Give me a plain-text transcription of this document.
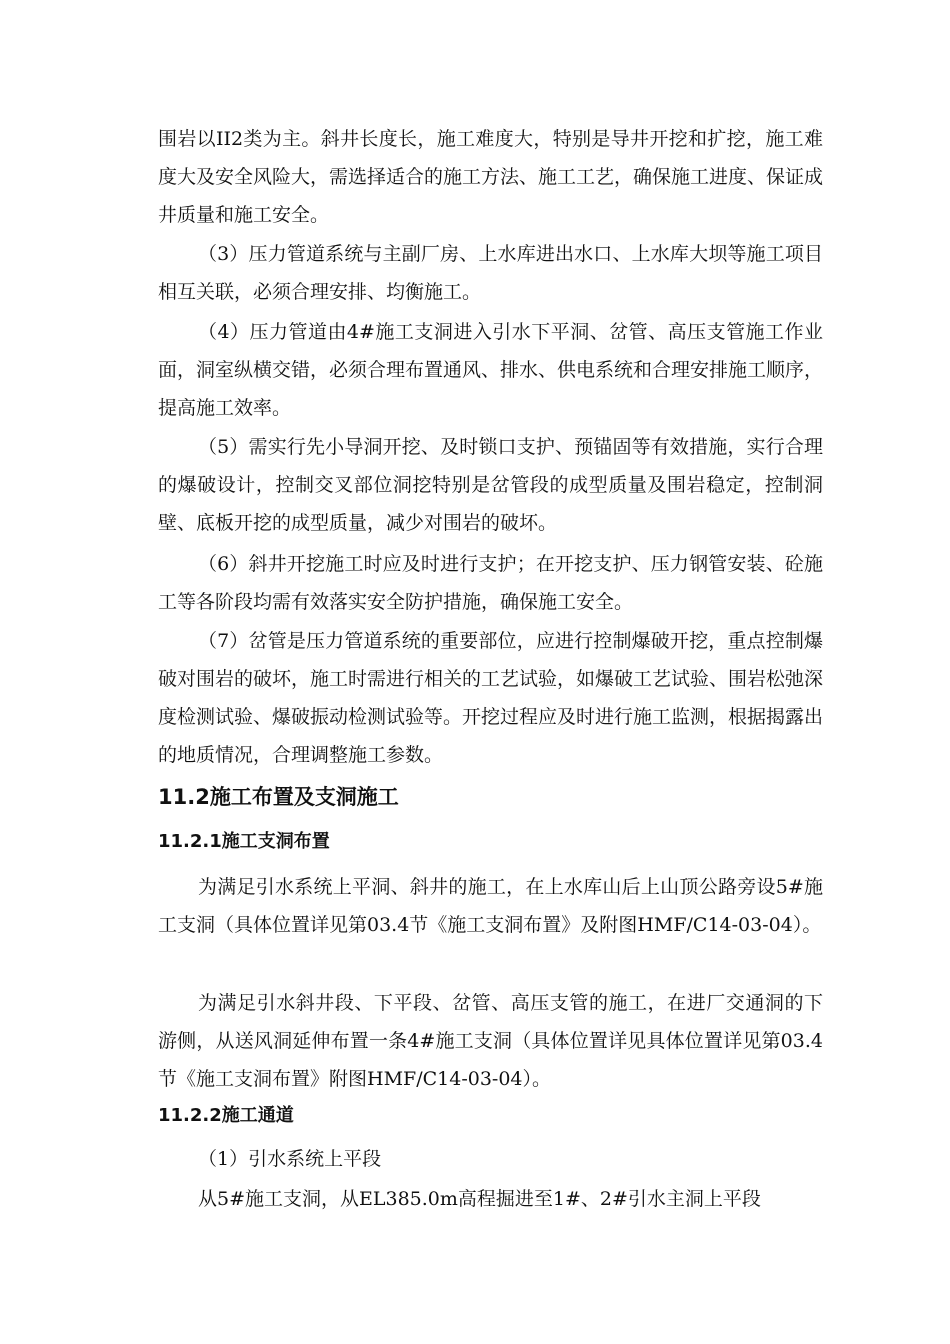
围岩以II2类为主。斜井长度长，施工难度大，特别是导井开挖和扩挖，施工难度大及安全风险大，需选择适合的施工方法、施工工艺，确保施工进度、保证成井质量和施工安全。

（3）压力管道系统与主副厂房、上水库进出水口、上水库大坝等施工项目相互关联，必须合理安排、均衡施工。

（4）压力管道由4#施工支洞进入引水下平洞、岔管、高压支管施工作业面，洞室纵横交错，必须合理布置通风、排水、供电系统和合理安排施工顺序，提高施工效率。

（5）需实行先小导洞开挖、及时锁口支护、预锚固等有效措施，实行合理的爆破设计，控制交叉部位洞挖特别是岔管段的成型质量及围岩稳定，控制洞壁、底板开挖的成型质量，减少对围岩的破坏。

（6）斜井开挖施工时应及时进行支护；在开挖支护、压力钢管安装、砼施工等各阶段均需有效落实安全防护措施，确保施工安全。

（7）岔管是压力管道系统的重要部位，应进行控制爆破开挖，重点控制爆破对围岩的破坏，施工时需进行相关的工艺试验，如爆破工艺试验、围岩松弛深度检测试验、爆破振动检测试验等。开挖过程应及时进行施工监测，根据揭露出的地质情况，合理调整施工参数。

11.2施工布置及支洞施工
11.2.1施工支洞布置

为满足引水系统上平洞、斜井的施工，在上水库山后上山顶公路旁设5#施工支洞（具体位置详见第03.4节《施工支洞布置》及附图HMF/C14-03-04）。

为满足引水斜井段、下平段、岔管、高压支管的施工，在进厂交通洞的下游侧，从送风洞延伸布置一条4#施工支洞（具体位置详见具体位置详见第03.4节《施工支洞布置》附图HMF/C14-03-04）。

11.2.2施工通道

（1）引水系统上平段

从5#施工支洞，从EL385.0m高程掘进至1#、2#引水主洞上平段
